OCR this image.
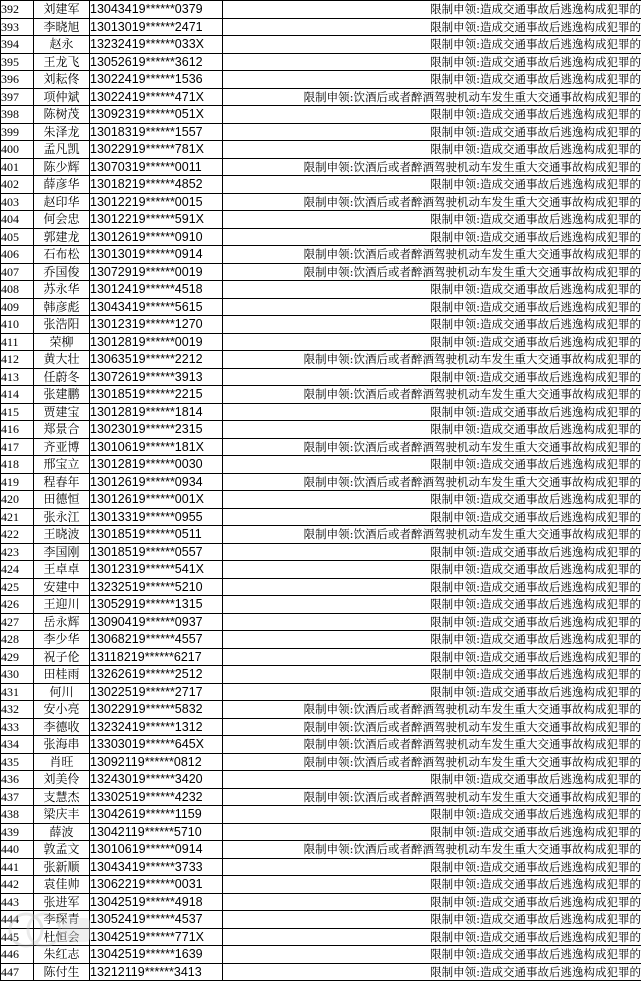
392	刘建军	13043419******0379	限制申领:造成交通事故后逃逸构成犯罪的
393	李晓旭	13013019******2471	限制申领:造成交通事故后逃逸构成犯罪的
394	赵永	13232419******033X	限制申领:造成交通事故后逃逸构成犯罪的
395	王龙飞	13052619******3612	限制申领:造成交通事故后逃逸构成犯罪的
396	刘耘佟	13022419******1536	限制申领:造成交通事故后逃逸构成犯罪的
397	项仲斌	13022419******471X	限制申领:饮酒后或者醉酒驾驶机动车发生重大交通事故构成犯罪的
398	陈树茂	13092319******051X	限制申领:造成交通事故后逃逸构成犯罪的
399	朱泽龙	13018319******1557	限制申领:造成交通事故后逃逸构成犯罪的
400	孟凡凯	13022919******781X	限制申领:造成交通事故后逃逸构成犯罪的
401	陈少辉	13070319******0011	限制申领:饮酒后或者醉酒驾驶机动车发生重大交通事故构成犯罪的
402	薛彦华	13018219******4852	限制申领:造成交通事故后逃逸构成犯罪的
403	赵印华	13012219******0015	限制申领:饮酒后或者醉酒驾驶机动车发生重大交通事故构成犯罪的
404	何会忠	13012219******591X	限制申领:造成交通事故后逃逸构成犯罪的
405	郭建龙	13012619******0910	限制申领:造成交通事故后逃逸构成犯罪的
406	石布松	13013019******0914	限制申领:饮酒后或者醉酒驾驶机动车发生重大交通事故构成犯罪的
407	乔国俊	13072919******0019	限制申领:饮酒后或者醉酒驾驶机动车发生重大交通事故构成犯罪的
408	苏永华	13012419******4518	限制申领:造成交通事故后逃逸构成犯罪的
409	韩彦彪	13043419******5615	限制申领:造成交通事故后逃逸构成犯罪的
410	张浩阳	13012319******1270	限制申领:造成交通事故后逃逸构成犯罪的
411	荣柳	13012819******0019	限制申领:造成交通事故后逃逸构成犯罪的
412	黄大壮	13063519******2212	限制申领:饮酒后或者醉酒驾驶机动车发生重大交通事故构成犯罪的
413	任蔚冬	13072619******3913	限制申领:造成交通事故后逃逸构成犯罪的
414	张建鹏	13018519******2215	限制申领:饮酒后或者醉酒驾驶机动车发生重大交通事故构成犯罪的
415	贾建宝	13012819******1814	限制申领:造成交通事故后逃逸构成犯罪的
416	郑景合	13023019******2315	限制申领:造成交通事故后逃逸构成犯罪的
417	齐亚博	13010619******181X	限制申领:饮酒后或者醉酒驾驶机动车发生重大交通事故构成犯罪的
418	邢宝立	13012819******0030	限制申领:造成交通事故后逃逸构成犯罪的
419	程春年	13012619******0934	限制申领:饮酒后或者醉酒驾驶机动车发生重大交通事故构成犯罪的
420	田德恒	13012619******001X	限制申领:造成交通事故后逃逸构成犯罪的
421	张永江	13013319******0955	限制申领:造成交通事故后逃逸构成犯罪的
422	王晓波	13018519******0511	限制申领:饮酒后或者醉酒驾驶机动车发生重大交通事故构成犯罪的
423	李国刚	13018519******0557	限制申领:造成交通事故后逃逸构成犯罪的
424	王卓卓	13012319******541X	限制申领:造成交通事故后逃逸构成犯罪的
425	安建中	13232519******5210	限制申领:造成交通事故后逃逸构成犯罪的
426	王迎川	13052919******1315	限制申领:造成交通事故后逃逸构成犯罪的
427	岳永辉	13090419******0937	限制申领:造成交通事故后逃逸构成犯罪的
428	李少华	13068219******4557	限制申领:造成交通事故后逃逸构成犯罪的
429	祝子伦	13118219******6217	限制申领:造成交通事故后逃逸构成犯罪的
430	田桂雨	13262619******2512	限制申领:造成交通事故后逃逸构成犯罪的
431	何川	13022519******2717	限制申领:造成交通事故后逃逸构成犯罪的
432	安小亮	13022919******5832	限制申领:饮酒后或者醉酒驾驶机动车发生重大交通事故构成犯罪的
433	李德收	13232419******1312	限制申领:饮酒后或者醉酒驾驶机动车发生重大交通事故构成犯罪的
434	张海串	13303019******645X	限制申领:饮酒后或者醉酒驾驶机动车发生重大交通事故构成犯罪的
435	肖旺	13092119******0812	限制申领:饮酒后或者醉酒驾驶机动车发生重大交通事故构成犯罪的
436	刘美伶	13243019******3420	限制申领:造成交通事故后逃逸构成犯罪的
437	支慧杰	13302519******4232	限制申领:饮酒后或者醉酒驾驶机动车发生重大交通事故构成犯罪的
438	梁庆丰	13042619******1159	限制申领:造成交通事故后逃逸构成犯罪的
439	薛波	13042119******5710	限制申领:造成交通事故后逃逸构成犯罪的
440	敦孟文	13010619******0914	限制申领:饮酒后或者醉酒驾驶机动车发生重大交通事故构成犯罪的
441	张新顺	13043419******3733	限制申领:造成交通事故后逃逸构成犯罪的
442	袁佳帅	13062219******0031	限制申领:造成交通事故后逃逸构成犯罪的
443	张进军	13042519******4918	限制申领:造成交通事故后逃逸构成犯罪的
444	李琛青	13052419******4537	限制申领:造成交通事故后逃逸构成犯罪的
445	杜恒会	13042519******771X	限制申领:造成交通事故后逃逸构成犯罪的
446	朱红志	13042519******1639	限制申领:造成交通事故后逃逸构成犯罪的
447	陈付生	13212119******3413	限制申领:造成交通事故后逃逸构成犯罪的
